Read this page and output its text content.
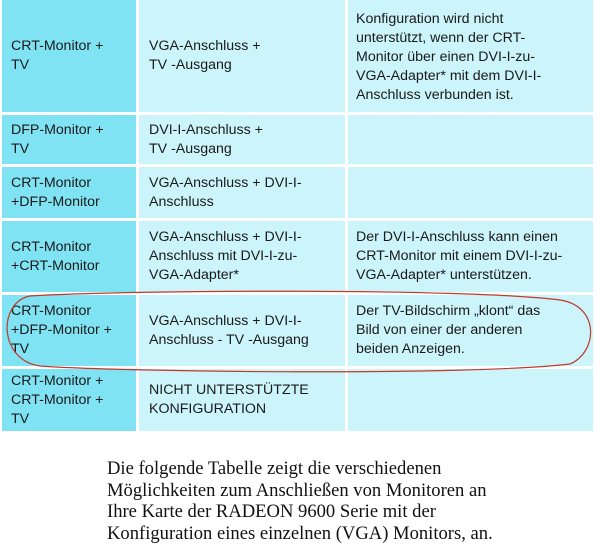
CRT-Monitor +
TV
VGA-Anschluss +
TV -Ausgang
Konfiguration wird nicht
unterstützt, wenn der CRT-
Monitor über einen DVI-I-zu-
VGA-Adapter* mit dem DVI-I-
Anschluss verbunden ist.
DFP-Monitor +
TV
DVI-I-Anschluss +
TV -Ausgang
CRT-Monitor
+DFP-Monitor
VGA-Anschluss + DVI-I-
Anschluss
CRT-Monitor
+CRT-Monitor
VGA-Anschluss + DVI-I-
Anschluss mit DVI-I-zu-
VGA-Adapter*
Der DVI-I-Anschluss kann einen
CRT-Monitor mit einem DVI-I-zu-
VGA-Adapter* unterstützen.
CRT-Monitor
+DFP-Monitor +
TV
VGA-Anschluss + DVI-I-
Anschluss - TV -Ausgang
Der TV-Bildschirm „klont“ das
Bild von einer der anderen
beiden Anzeigen.
CRT-Monitor +
CRT-Monitor +
TV
NICHT UNTERSTÜTZTE
KONFIGURATION
Die folgende Tabelle zeigt die verschiedenen
Möglichkeiten zum Anschließen von Monitoren an
Ihre Karte der RADEON 9600 Serie mit der
Konfiguration eines einzelnen (VGA) Monitors, an.
